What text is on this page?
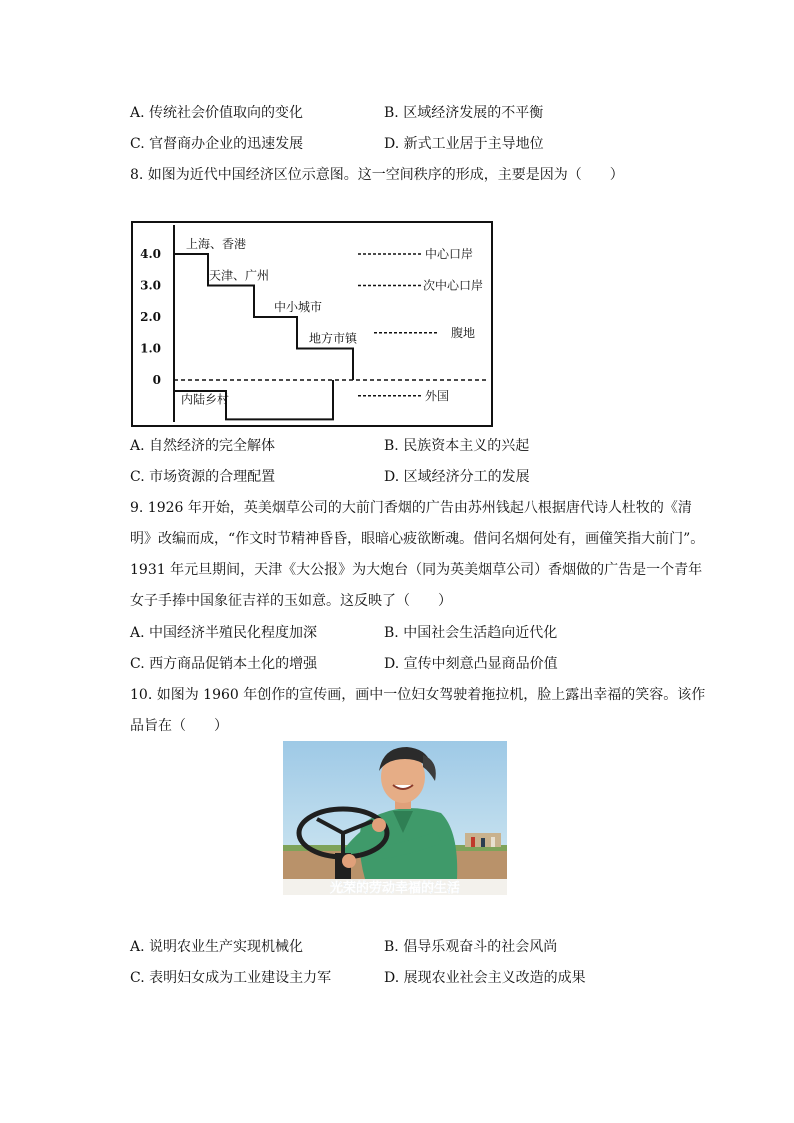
A. 传统社会价值取向的变化	B. 区域经济发展的不平衡
C. 官督商办企业的迅速发展	D. 新式工业居于主导地位
8. 如图为近代中国经济区位示意图。这一空间秩序的形成，主要是因为（　　）
4.0
3.0
2.0
1.0
0
上海、香港
天津、广州
中小城市
地方市镇
内陆乡村
中心口岸
次中心口岸
腹地
外国
A. 自然经济的完全解体	B. 民族资本主义的兴起
C. 市场资源的合理配置	D. 区域经济分工的发展
9. 1926 年开始，英美烟草公司的大前门香烟的广告由苏州钱起八根据唐代诗人杜牧的《清
明》改编而成，“作文时节精神昏昏，眼暗心疲欲断魂。借问名烟何处有，画僮笑指大前门”。
1931 年元旦期间，天津《大公报》为大炮台（同为英美烟草公司）香烟做的广告是一个青年
女子手捧中国象征吉祥的玉如意。这反映了（　　）
A. 中国经济半殖民化程度加深	B. 中国社会生活趋向近代化
C. 西方商品促销本土化的增强	D. 宣传中刻意凸显商品价值
10. 如图为 1960 年创作的宣传画，画中一位妇女驾驶着拖拉机，脸上露出幸福的笑容。该作
品旨在（　　）
光荣的劳动幸福的生活
A. 说明农业生产实现机械化	B. 倡导乐观奋斗的社会风尚
C. 表明妇女成为工业建设主力军	D. 展现农业社会主义改造的成果
